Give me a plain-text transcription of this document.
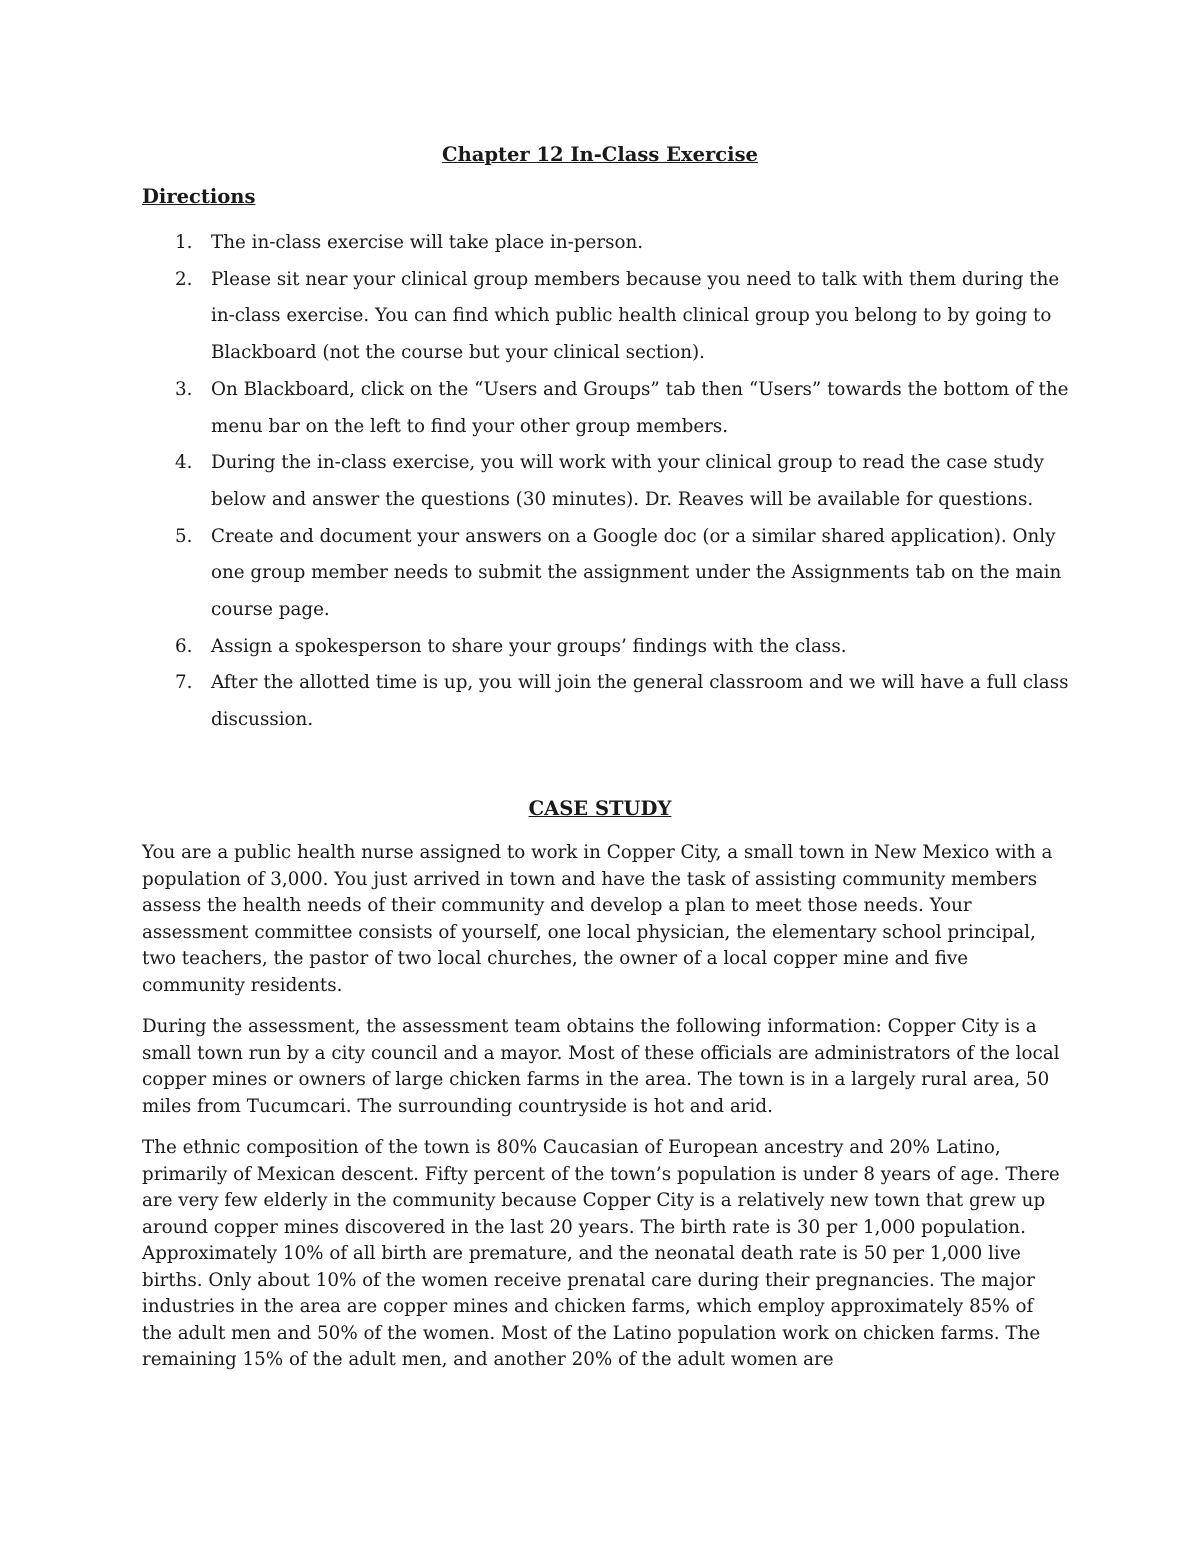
Chapter 12 In-Class Exercise
Directions
1. The in-class exercise will take place in-person.
2. Please sit near your clinical group members because you need to talk with them during the in-class exercise. You can find which public health clinical group you belong to by going to Blackboard (not the course but your clinical section).
3. On Blackboard, click on the “Users and Groups” tab then “Users” towards the bottom of the menu bar on the left to find your other group members.
4. During the in-class exercise, you will work with your clinical group to read the case study below and answer the questions (30 minutes). Dr. Reaves will be available for questions.
5. Create and document your answers on a Google doc (or a similar shared application). Only one group member needs to submit the assignment under the Assignments tab on the main course page.
6. Assign a spokesperson to share your groups’ findings with the class.
7. After the allotted time is up, you will join the general classroom and we will have a full class discussion.
CASE STUDY

You are a public health nurse assigned to work in Copper City, a small town in New Mexico with a population of 3,000. You just arrived in town and have the task of assisting community members assess the health needs of their community and develop a plan to meet those needs. Your assessment committee consists of yourself, one local physician, the elementary school principal, two teachers, the pastor of two local churches, the owner of a local copper mine and five community residents.

During the assessment, the assessment team obtains the following information: Copper City is a small town run by a city council and a mayor. Most of these officials are administrators of the local copper mines or owners of large chicken farms in the area. The town is in a largely rural area, 50 miles from Tucumcari. The surrounding countryside is hot and arid.

The ethnic composition of the town is 80% Caucasian of European ancestry and 20% Latino, primarily of Mexican descent. Fifty percent of the town’s population is under 8 years of age. There are very few elderly in the community because Copper City is a relatively new town that grew up around copper mines discovered in the last 20 years. The birth rate is 30 per 1,000 population. Approximately 10% of all birth are premature, and the neonatal death rate is 50 per 1,000 live births. Only about 10% of the women receive prenatal care during their pregnancies. The major industries in the area are copper mines and chicken farms, which employ approximately 85% of the adult men and 50% of the women. Most of the Latino population work on chicken farms. The remaining 15% of the adult men, and another 20% of the adult women are
